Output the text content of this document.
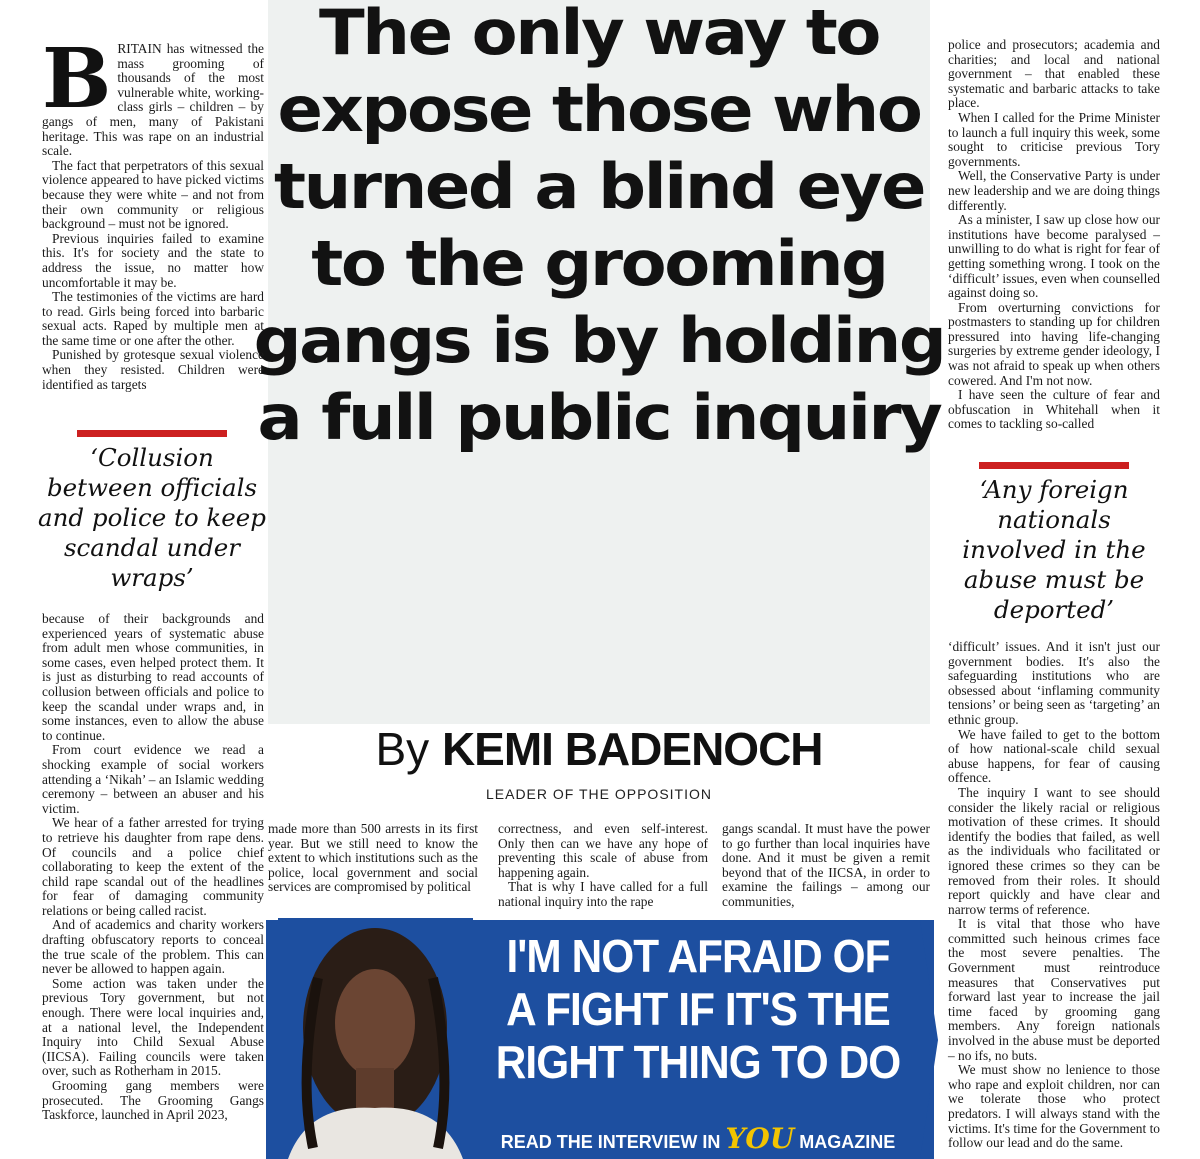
The only way to expose those who turned a blind eye to the grooming gangs is by holding a full public inquiry
By KEMI BADENOCH
LEADER OF THE OPPOSITION
B RITAIN has witnessed the mass grooming of thousands of the most vulnerable white, working-class girls – children – by gangs of men, many of Pakistani heritage. This was rape on an industrial scale.

The fact that perpetrators of this sexual violence appeared to have picked victims because they were white – and not from their own community or religious background – must not be ignored.

Previous inquiries failed to examine this. It's for society and the state to address the issue, no matter how uncomfortable it may be.

The testimonies of the victims are hard to read. Girls being forced into barbaric sexual acts. Raped by multiple men at the same time or one after the other.

Punished by grotesque sexual violence when they resisted. Children were identified as targets

‘Collusion between officials and police to keep scandal under wraps’

because of their backgrounds and experienced years of systematic abuse from adult men whose communities, in some cases, even helped protect them. It is just as disturbing to read accounts of collusion between officials and police to keep the scandal under wraps and, in some instances, even to allow the abuse to continue.

From court evidence we read a shocking example of social workers attending a ‘Nikah’ – an Islamic wedding ceremony – between an abuser and his victim.

We hear of a father arrested for trying to retrieve his daughter from rape dens. Of councils and a police chief collaborating to keep the extent of the child rape scandal out of the headlines for fear of damaging community relations or being called racist.

And of academics and charity workers drafting obfuscatory reports to conceal the true scale of the problem. This can never be allowed to happen again.

Some action was taken under the previous Tory government, but not enough. There were local inquiries and, at a national level, the Independent Inquiry into Child Sexual Abuse (IICSA). Failing councils were taken over, such as Rotherham in 2015.

Grooming gang members were prosecuted. The Grooming Gangs Taskforce, launched in April 2023,

made more than 500 arrests in its first year. But we still need to know the extent to which institutions such as the police, local government and social services are compromised by political

correctness, and even self-interest. Only then can we have any hope of preventing this scale of abuse from happening again.

That is why I have called for a full national inquiry into the rape

gangs scandal. It must have the power to go further than local inquiries have done. And it must be given a remit beyond that of the IICSA, in order to examine the failings – among our communities,

police and prosecutors; academia and charities; and local and national government – that enabled these systematic and barbaric attacks to take place.

When I called for the Prime Minister to launch a full inquiry this week, some sought to criticise previous Tory governments.

Well, the Conservative Party is under new leadership and we are doing things differently.

As a minister, I saw up close how our institutions have become paralysed – unwilling to do what is right for fear of getting something wrong. I took on the ‘difficult’ issues, even when counselled against doing so.

From overturning convictions for postmasters to standing up for children pressured into having life-changing surgeries by extreme gender ideology, I was not afraid to speak up when others cowered. And I'm not now.

I have seen the culture of fear and obfuscation in Whitehall when it comes to tackling so-called

‘Any foreign nationals involved in the abuse must be deported’

‘difficult’ issues. And it isn't just our government bodies. It's also the safeguarding institutions who are obsessed about ‘inflaming community tensions’ or being seen as ‘targeting’ an ethnic group.

We have failed to get to the bottom of how national-scale child sexual abuse happens, for fear of causing offence.

The inquiry I want to see should consider the likely racial or religious motivation of these crimes. It should identify the bodies that failed, as well as the individuals who facilitated or ignored these crimes so they can be removed from their roles. It should report quickly and have clear and narrow terms of reference.

It is vital that those who have committed such heinous crimes face the most severe penalties. The Government must reintroduce measures that Conservatives put forward last year to increase the jail time faced by grooming gang members. Any foreign nationals involved in the abuse must be deported – no ifs, no buts.

We must show no lenience to those who rape and exploit children, nor can we tolerate those who protect predators. I will always stand with the victims. It's time for the Government to follow our lead and do the same.

I'M NOT AFRAID OF A FIGHT IF IT'S THE RIGHT THING TO DO
READ THE INTERVIEW IN YOU MAGAZINE
